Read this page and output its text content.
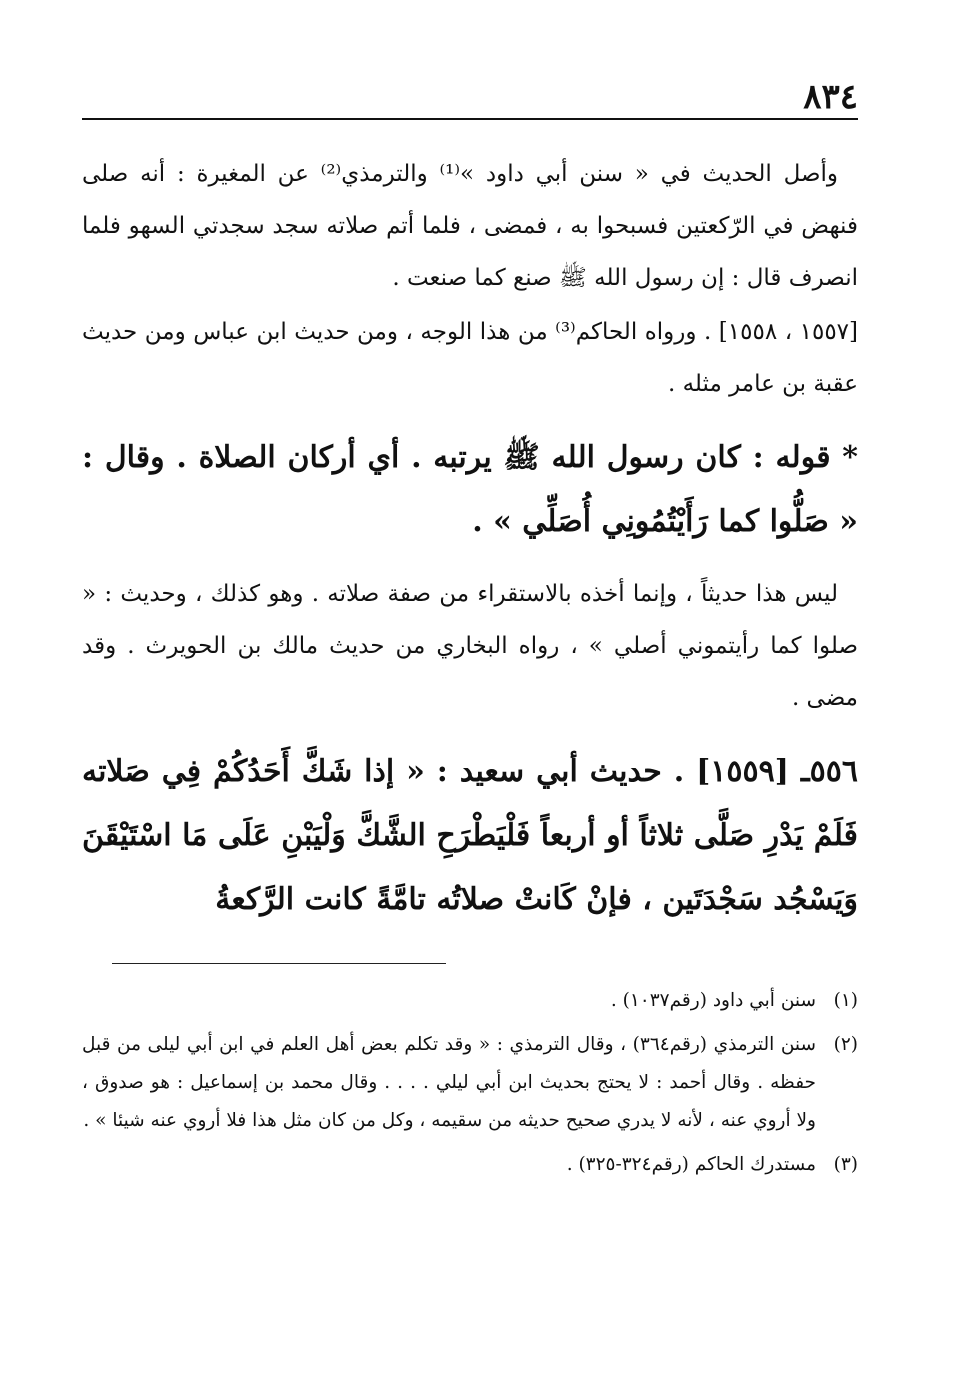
٨٣٤

وأصل الحديث في « سنن أبي داود »⁽¹⁾ والترمذي⁽²⁾ عن المغيرة : أنه صلى فنهض في الرّكعتين فسبحوا به ، فمضى ، فلما أتم صلاته سجد سجدتي السهو فلما انصرف قال : إن رسول الله ﷺ صنع كما صنعت .

[١٥٥٧ ، ١٥٥٨] . ورواه الحاكم⁽³⁾ من هذا الوجه ، ومن حديث ابن عباس ومن حديث عقبة بن عامر مثله .

* قوله : كان رسول الله ﷺ يرتبه . أي أركان الصلاة . وقال : « صَلُّوا كما رَأَيْتُمُونِي أُصَلِّي » .

ليس هذا حديثاً ، وإنما أخذه بالاستقراء من صفة صلاته . وهو كذلك ، وحديث : « صلوا كما رأيتموني أصلي » ، رواه البخاري من حديث مالك بن الحويرث . وقد مضى .

٥٥٦ـ [١٥٥٩] . حديث أبي سعيد : « إذا شَكَّ أَحَدُكُمْ فِي صَلاته فَلَمْ يَدْرِ صَلَّى ثلاثاً أو أربعاً فَلْيَطْرَحِ الشَّكَّ وَلْيَبْنِ عَلَى مَا اسْتَيْقَنَ وَيَسْجُد سَجْدَتَين ، فإنْ كَانتْ صلاتُه تامَّةً كانت الرَّكعةُ

(١)
سنن أبي داود (رقم١٠٣٧) .
(٢)
سنن الترمذي (رقم٣٦٤) ، وقال الترمذي : « وقد تكلم بعض أهل العلم في ابن أبي ليلى من قبل حفظه . وقال أحمد : لا يحتج بحديث ابن أبي ليلي . . . . وقال محمد بن إسماعيل : هو صدوق ، ولا أروي عنه ، لأنه لا يدري صحيح حديثه من سقيمه ، وكل من كان مثل هذا فلا أروي عنه شيئا » .
(٣)
مستدرك الحاكم (رقم٣٢٤-٣٢٥) .
